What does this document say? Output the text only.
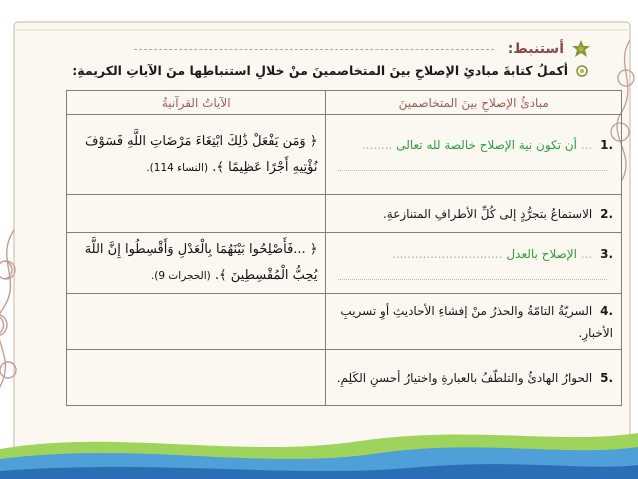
أستنبط:
أكملُ كتابةَ مبادئِ الإصلاحِ بينَ المتخاصمينَ منْ خلالِ استنباطِها منَ الآياتِ الكريمةِ:
مبادئُ الإصلاحِ بينَ المتخاصمينَ	الآياتُ القرآنيةُ

.1 ... أن تكون نية الإصلاح خالصة لله تعالى ........	﴿ وَمَن يَفْعَلْ ذَٰلِكَ ابْتِغَاءَ مَرْضَاتِ اللَّهِ فَسَوْفَ نُؤْتِيهِ أَجْرًا عَظِيمًا ﴾. (النساء 114).
.2 الاستماعُ بتجرُّدٍ إلى كُلِّ الأطرافِ المتنازعةِ.	

.3 ... الإصلاح بالعدل .............................	﴿ ...فَأَصْلِحُوا بَيْنَهُمَا بِالْعَدْلِ وَأَقْسِطُوا إِنَّ اللَّهَ يُحِبُّ الْمُقْسِطِينَ ﴾. (الحجرات 9).
.4 السريّةُ التامّةُ والحذرُ منْ إفشاءِ الأحاديثِ أوِ تسريبِ الأخبارِ.	
.5 الحوارُ الهادئُ والتلطّفُ بالعبارةِ واختيارُ أحسنِ الكَلِمِ.	
